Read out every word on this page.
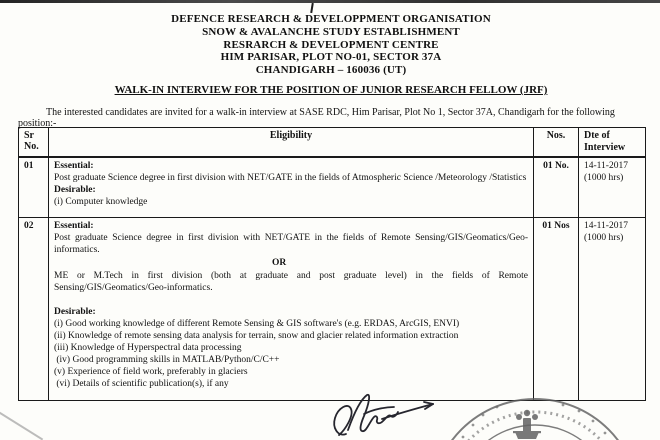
DEFENCE RESEARCH & DEVELOPPMENT ORGANISATION
SNOW & AVALANCHE STUDY ESTABLISHMENT
RESRARCH & DEVELOPMENT CENTRE
HIM PARISAR, PLOT NO-01, SECTOR 37A
CHANDIGARH – 160036 (UT)
WALK-IN INTERVIEW FOR THE POSITION OF JUNIOR RESEARCH FELLOW (JRF)
The interested candidates are invited for a walk-in interview at SASE RDC, Him Parisar, Plot No 1, Sector 37A, Chandigarh for the following position:-
Sr No.	Eligibility	Nos.	Dte of Interview
01	Essential:

Post graduate Science degree in first division with NET/GATE in the fields of Atmospheric Science /Meteorology /Statistics

Desirable:
(i) Computer knowledge
	01 No.	14-11-2017
(1000 hrs)

02	Essential:

Post graduate Science degree in first division with NET/GATE in the fields of Remote Sensing/GIS/Geomatics/Geo-informatics.

OR

ME or M.Tech in first division (both at graduate and post graduate level) in the fields of Remote Sensing/GIS/Geomatics/Geo-informatics.

Desirable:
(i) Good working knowledge of different Remote Sensing & GIS software's (e.g. ERDAS, ArcGIS, ENVI)
(ii) Knowledge of remote sensing data analysis for terrain, snow and glacier related information extraction
(iii) Knowledge of Hyperspectral data processing
(iv) Good programming skills in MATLAB/Python/C/C++
(v) Experience of field work, preferably in glaciers
(vi) Details of scientific publication(s), if any
	01 Nos	14-11-2017
(1000 hrs)
